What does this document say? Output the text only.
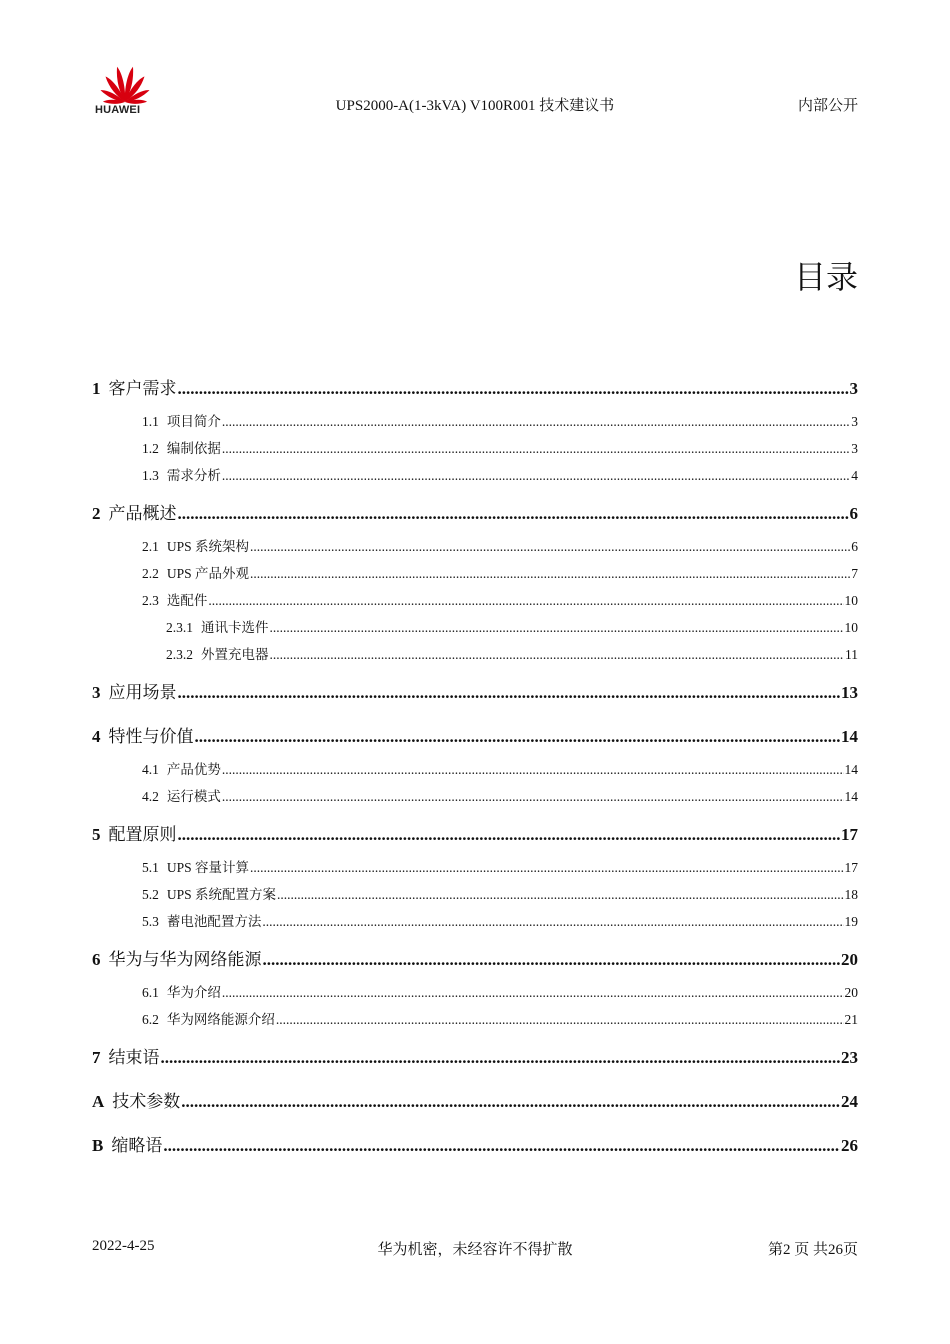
HUAWEI	UPS2000-A(1-3kVA) V100R001 技术建议书	内部公开
目录
1 客户需求 .....	3
1.1 项目简介 .....	3
1.2 编制依据 .....	3
1.3 需求分析 .....	4
2 产品概述 .....	6
2.1 UPS 系统架构 .....	6
2.2 UPS 产品外观 .....	7
2.3 选配件 .....	10
2.3.1 通讯卡选件 .....	10
2.3.2 外置充电器 .....	11
3 应用场景 .....	13
4 特性与价值 .....	14
4.1 产品优势 .....	14
4.2 运行模式 .....	14
5 配置原则 .....	17
5.1 UPS 容量计算 .....	17
5.2 UPS 系统配置方案 .....	18
5.3 蓄电池配置方法 .....	19
6 华为与华为网络能源 .....	20
6.1 华为介绍 .....	20
6.2 华为网络能源介绍 .....	21
7 结束语 .....	23
A 技术参数 .....	24
B 缩略语 .....	26
2022-4-25	华为机密，未经容许不得扩散	第2 页 共26页
